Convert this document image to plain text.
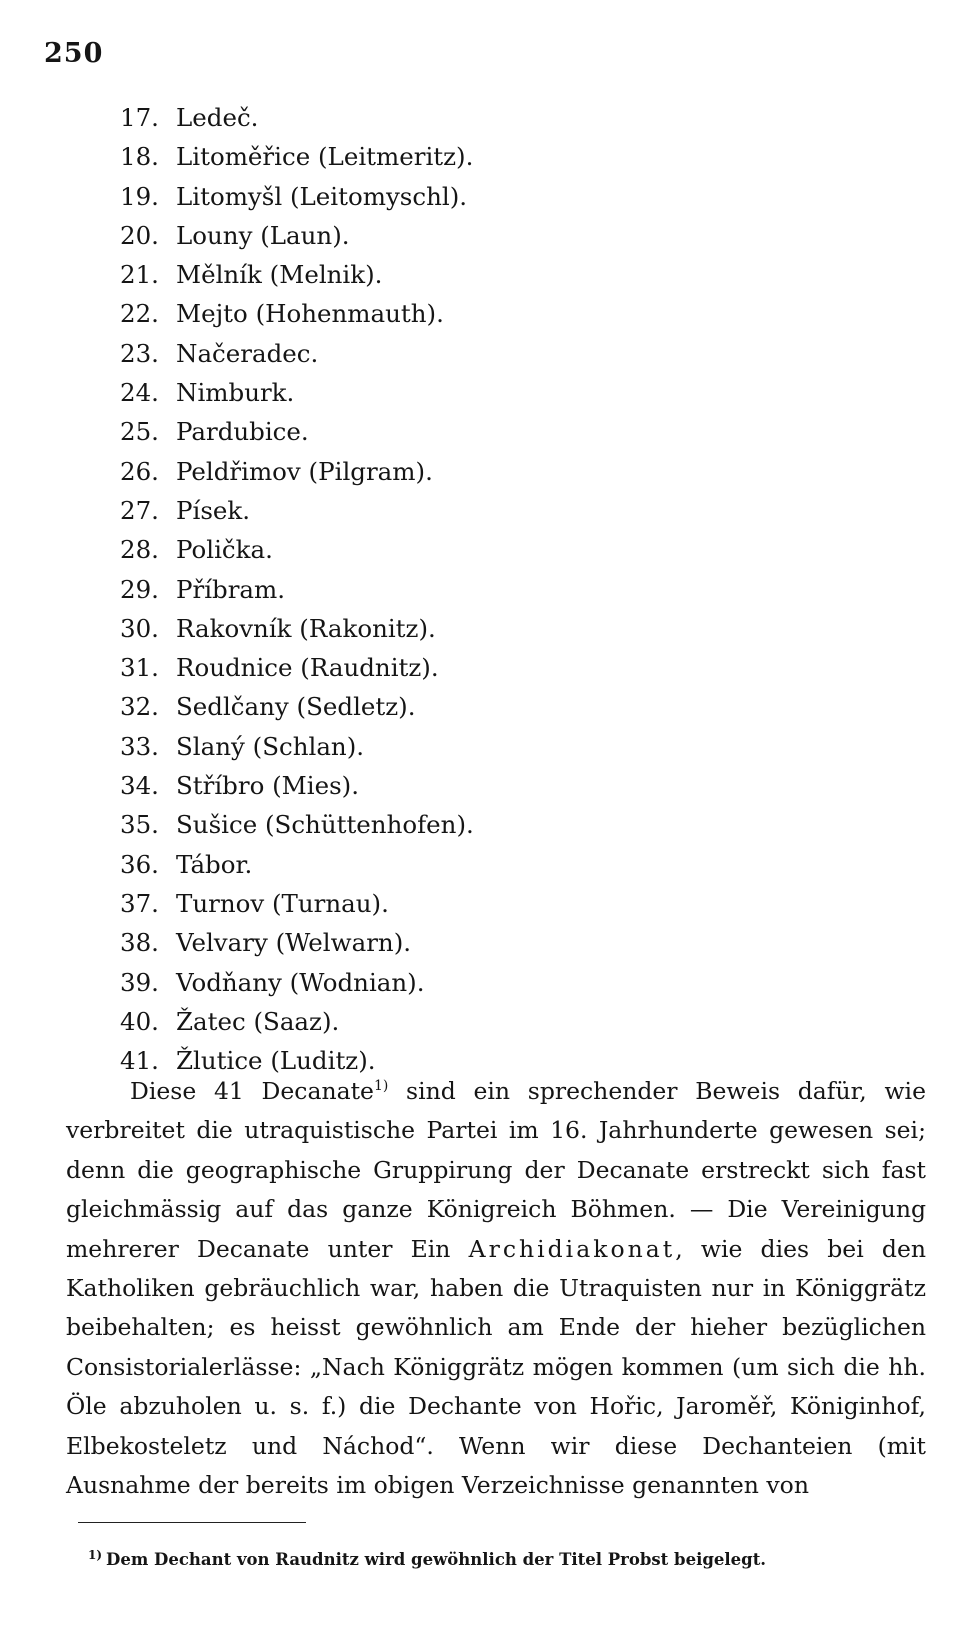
250
17. Ledeč.
18. Litoměřice (Leitmeritz).
19. Litomyšl (Leitomyschl).
20. Louny (Laun).
21. Mělník (Melnik).
22. Mejto (Hohenmauth).
23. Načeradec.
24. Nimburk.
25. Pardubice.
26. Peldřimov (Pilgram).
27. Písek.
28. Polička.
29. Příbram.
30. Rakovník (Rakonitz).
31. Roudnice (Raudnitz).
32. Sedlčany (Sedletz).
33. Slaný (Schlan).
34. Stříbro (Mies).
35. Sušice (Schüttenhofen).
36. Tábor.
37. Turnov (Turnau).
38. Velvary (Welwarn).
39. Vodňany (Wodnian).
40. Žatec (Saaz).
41. Žlutice (Luditz).

Diese 41 Decanate$^{1)}$ sind ein sprechender Beweis dafür, wie verbreitet die utraquistische Partei im 16. Jahrhunderte gewesen sei; denn die geographische Gruppirung der Decanate erstreckt sich fast gleichmässig auf das ganze Königreich Böhmen. — Die Vereinigung mehrerer Decanate unter Ein Archidiakonat, wie dies bei den Katholiken gebräuchlich war, haben die Utraquisten nur in Königgrätz beibehalten; es heisst gewöhnlich am Ende der hieher bezüglichen Consistorialerlässe: „Nach Königgrätz mögen kommen (um sich die hh. Öle abzuholen u. s. f.) die Dechante von Hořic, Jaroměř, Königinhof, Elbekosteletz und Náchod“. Wenn wir diese Dechanteien (mit Ausnahme der bereits im obigen Verzeichnisse genannten von

$^{1)}$ Dem Dechant von Raudnitz wird gewöhnlich der Titel Probst beigelegt.
